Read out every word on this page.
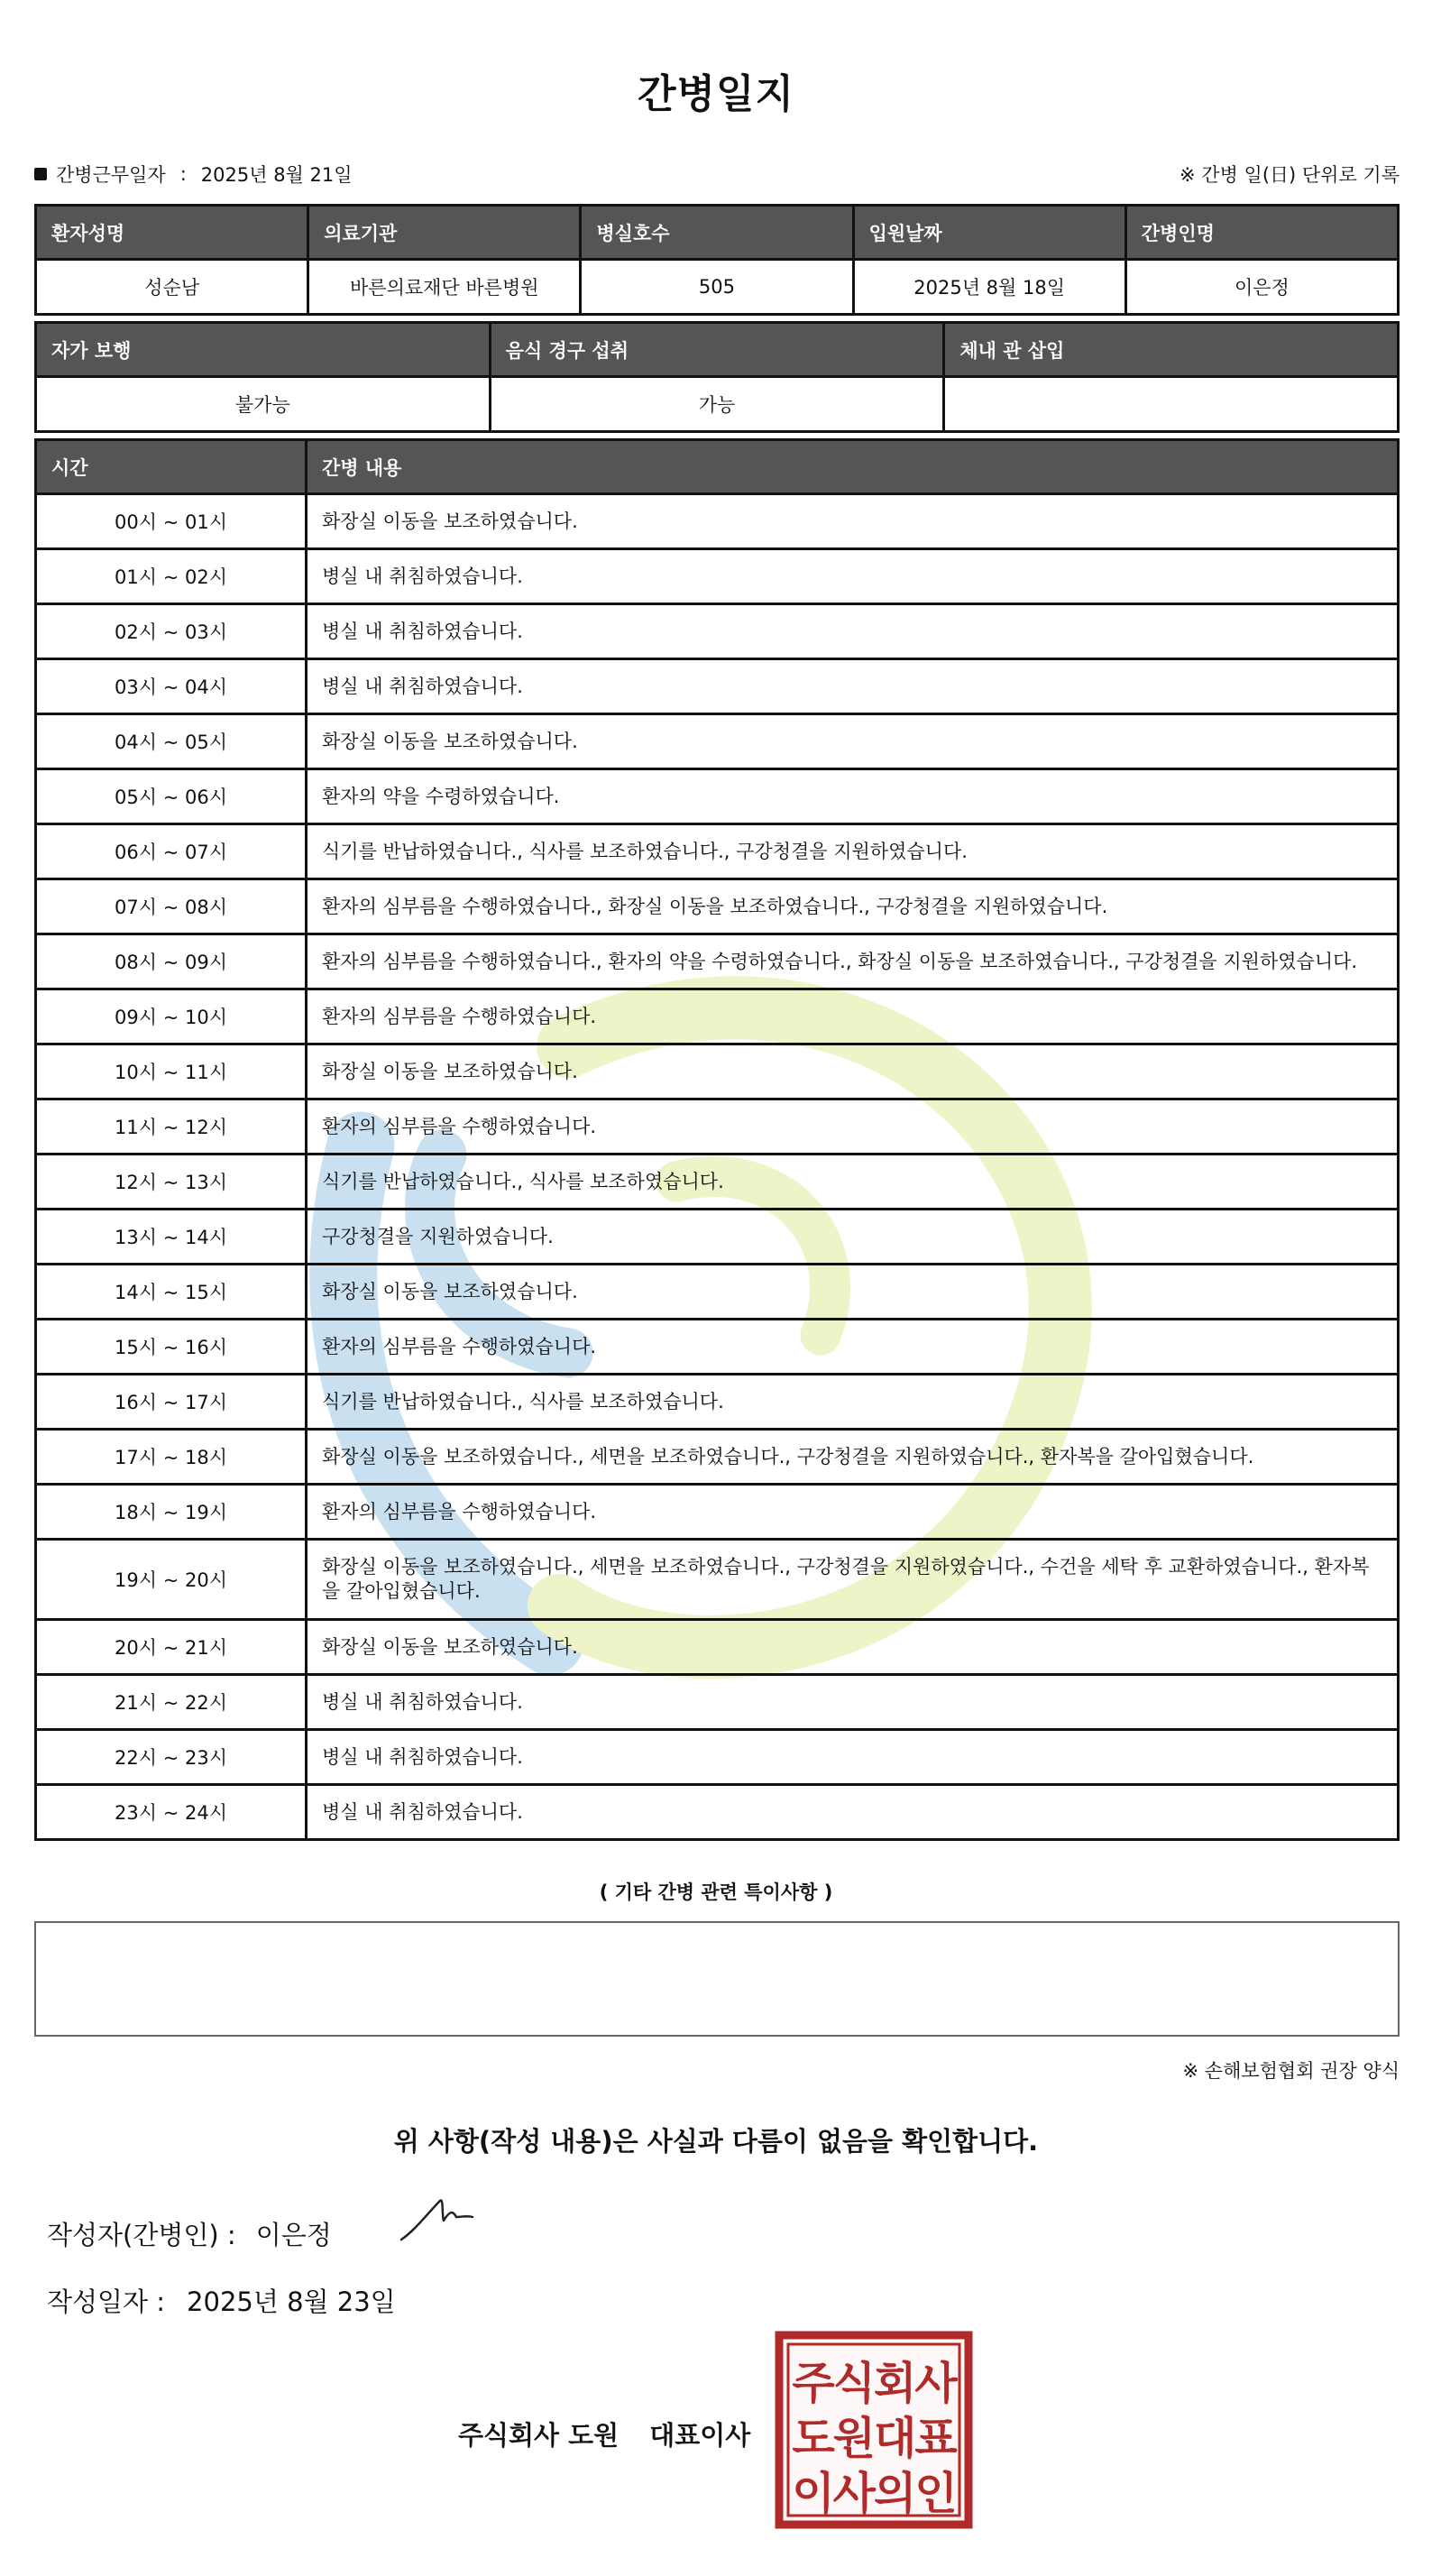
간병일지
간병근무일자 : 2025년 8월 21일	※ 간병 일(日) 단위로 기록
환자성명	의료기관	병실호수	입원날짜	간병인명
성순남	바른의료재단 바른병원	505	2025년 8월 18일	이은정
자가 보행	음식 경구 섭취	체내 관 삽입
불가능	가능	
시간	간병 내용
00시 ~ 01시	화장실 이동을 보조하였습니다.
01시 ~ 02시	병실 내 취침하였습니다.
02시 ~ 03시	병실 내 취침하였습니다.
03시 ~ 04시	병실 내 취침하였습니다.
04시 ~ 05시	화장실 이동을 보조하였습니다.
05시 ~ 06시	환자의 약을 수령하였습니다.
06시 ~ 07시	식기를 반납하였습니다., 식사를 보조하였습니다., 구강청결을 지원하였습니다.
07시 ~ 08시	환자의 심부름을 수행하였습니다., 화장실 이동을 보조하였습니다., 구강청결을 지원하였습니다.
08시 ~ 09시	환자의 심부름을 수행하였습니다., 환자의 약을 수령하였습니다., 화장실 이동을 보조하였습니다., 구강청결을 지원하였습니다.
09시 ~ 10시	환자의 심부름을 수행하였습니다.
10시 ~ 11시	화장실 이동을 보조하였습니다.
11시 ~ 12시	환자의 심부름을 수행하였습니다.
12시 ~ 13시	식기를 반납하였습니다., 식사를 보조하였습니다.
13시 ~ 14시	구강청결을 지원하였습니다.
14시 ~ 15시	화장실 이동을 보조하였습니다.
15시 ~ 16시	환자의 심부름을 수행하였습니다.
16시 ~ 17시	식기를 반납하였습니다., 식사를 보조하였습니다.
17시 ~ 18시	화장실 이동을 보조하였습니다., 세면을 보조하였습니다., 구강청결을 지원하였습니다., 환자복을 갈아입혔습니다.
18시 ~ 19시	환자의 심부름을 수행하였습니다.
19시 ~ 20시	화장실 이동을 보조하였습니다., 세면을 보조하였습니다., 구강청결을 지원하였습니다., 수건을 세탁 후 교환하였습니다., 환자복을 갈아입혔습니다.
20시 ~ 21시	화장실 이동을 보조하였습니다.
21시 ~ 22시	병실 내 취침하였습니다.
22시 ~ 23시	병실 내 취침하였습니다.
23시 ~ 24시	병실 내 취침하였습니다.
( 기타 간병 관련 특이사항 )
※ 손해보험협회 권장 양식
위 사항(작성 내용)은 사실과 다름이 없음을 확인합니다.
작성자(간병인) : 이은정
작성일자 : 2025년 8월 23일
주식회사 도원 대표이사
주식회사
도원대표
이사의인
